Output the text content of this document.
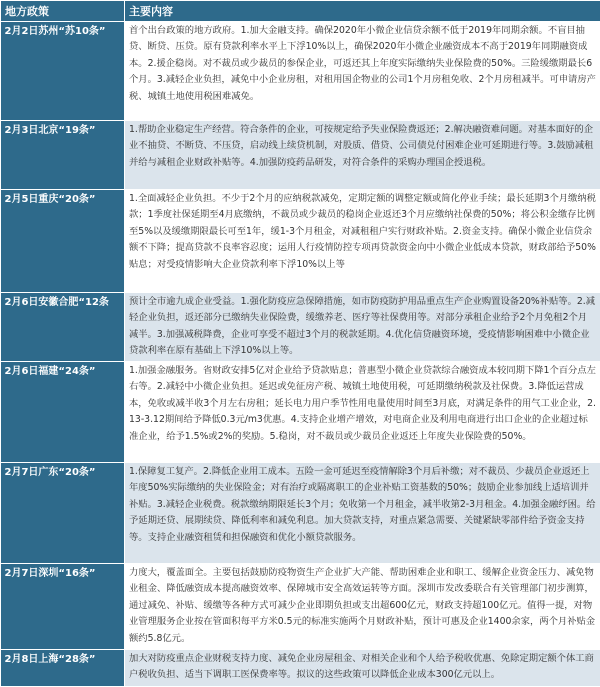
地方政策	主要内容
2月2日苏州“苏10条”	首个出台政策的地方政府。1.加大金融支持。确保2020年小微企业信贷余额不低于2019年同期余额。不盲目抽贷、断贷、压贷。原有贷款利率水平上下浮10%以上，确保2020年小微企业融资成本不高于2019年同期融资成本。2.援企稳岗。对不裁员或少裁员的参保企业，可返还其上年度实际缴纳失业保险费的50%。三险缓缴期最长6个月。3.减轻企业负担，减免中小企业房租，对租用国企物业的公司1个月房租免收、2个月房租减半。可申请房产税、城镇土地使用税困难减免。
2月3日北京“19条”	1.帮助企业稳定生产经营。符合条件的企业，可按规定给予失业保险费返还；2.解决融资难问题。对基本面好的企业不抽贷、不断贷、不压贷，启动线上续贷机制，对股质、借贷、公司债兑付困难企业可延期进行等。3.鼓励减租并给与减租企业财政补贴等。4.加强防疫药品研发，对符合条件的采购办理国企授退税。
2月5日重庆“20条”	1.全面减轻企业负担。不少于2个月的应纳税款减免，定期定额的调整定额或简化停业手续；最长延期3个月缴纳税款；1季度社保延期至4月底缴纳，不裁员或少裁员的稳岗企业返还3个月应缴纳社保费的50%；将公积金缴存比例至5%以及缓缴期限最长可至1年，缓1-3个月租金，对减租租户实行财政补贴。2.资金支持。确保小微企业信贷余额不下降；提高贷款不良率容忍度；运用人行疫情防控专项再贷款资金向中小微企业低成本贷款，财政部给予50%贴息；对受疫情影响大企业贷款利率下浮10%以上等
2月6日安徽合肥“12条	预计全市逾九成企业受益。1.强化防疫应急保障措施，如市防疫防护用品重点生产企业购置设备20%补贴等。2.减轻企业负担，返还部分已缴纳失业保险费，缓缴养老、医疗等社保费用等。对部分承租企业给予2个月免租2个月减半。3.加强减税降费，企业可享受不超过3个月的税款延期。4.优化信贷融资环境，受疫情影响困难中小微企业贷款利率在原有基础上下浮10%以上等。
2月6日福建“24条”	1.加强金融服务。省财政安排5亿对企业给予贷款贴息；普惠型小微企业贷款综合融资成本较同期下降1个百分点左右等。2.减轻中小微企业负担。延迟或免征房产税、城镇土地使用税，可延期缴纳税款及社保费。3.降低运营成本，免收或减半收3个月左右房租；延长电力用户季节性用电量使用时间至3月底，对满足条件的用气工业企业，2.13-3.12期间给予降低0.3元/m3优惠。4.支持企业增产增效，对电商企业及利用电商进行出口企业的企业超过标准企业，给予1.5%或2%的奖励。5.稳岗，对不裁员或少裁员企业返还上年度失业保险费的50%。
2月7日广东“20条”	1.保障复工复产。2.降低企业用工成本。五险一金可延迟至疫情解除3个月后补缴；对不裁员、少裁员企业返还上年度50%实际缴纳的失业保险金；对有治疗或隔离职工的企业补贴工资基数的50%；鼓励企业参加线上适培训并补贴。3.减轻企业税费。税款缴纳期限延长3个月；免收第一个月租金，减半收第2-3月租金。4.加强金融纾困。给予延期还贷、展期续贷、降低利率和减免利息。加大贷款支持，对重点紧急需要、关键紧缺零部件给予资金支持等。支持企业融资租赁和担保融资和优化小额贷款服务。
2月7日深圳“16条”	力度大，覆盖面全。主要包括鼓励防疫物资生产企业扩大产能、帮助困难企业和职工、缓解企业资金压力、减免物业租金、降低融资成本提高融资效率、保障城市安全高效运转等方面。深圳市发改委联合有关管理部门初步测算，通过减免、补贴、缓缴等各种方式可减少企业即期负担或支出超600亿元，财政支持超100亿元。值得一提，对物业管理服务企业按在管面积每平方米0.5元的标准实施两个月财政补贴，预计可惠及企业1400余家，两个月补贴金额约5.8亿元。
2月8日上海“28条”	加大对防疫重点企业财税支持力度、减免企业房屋租金、对相关企业和个人给予税收优惠、免除定期定额个体工商户税收负担、适当下调职工医保费率等。拟议的这些政策可以降低企业成本300亿元以上。
